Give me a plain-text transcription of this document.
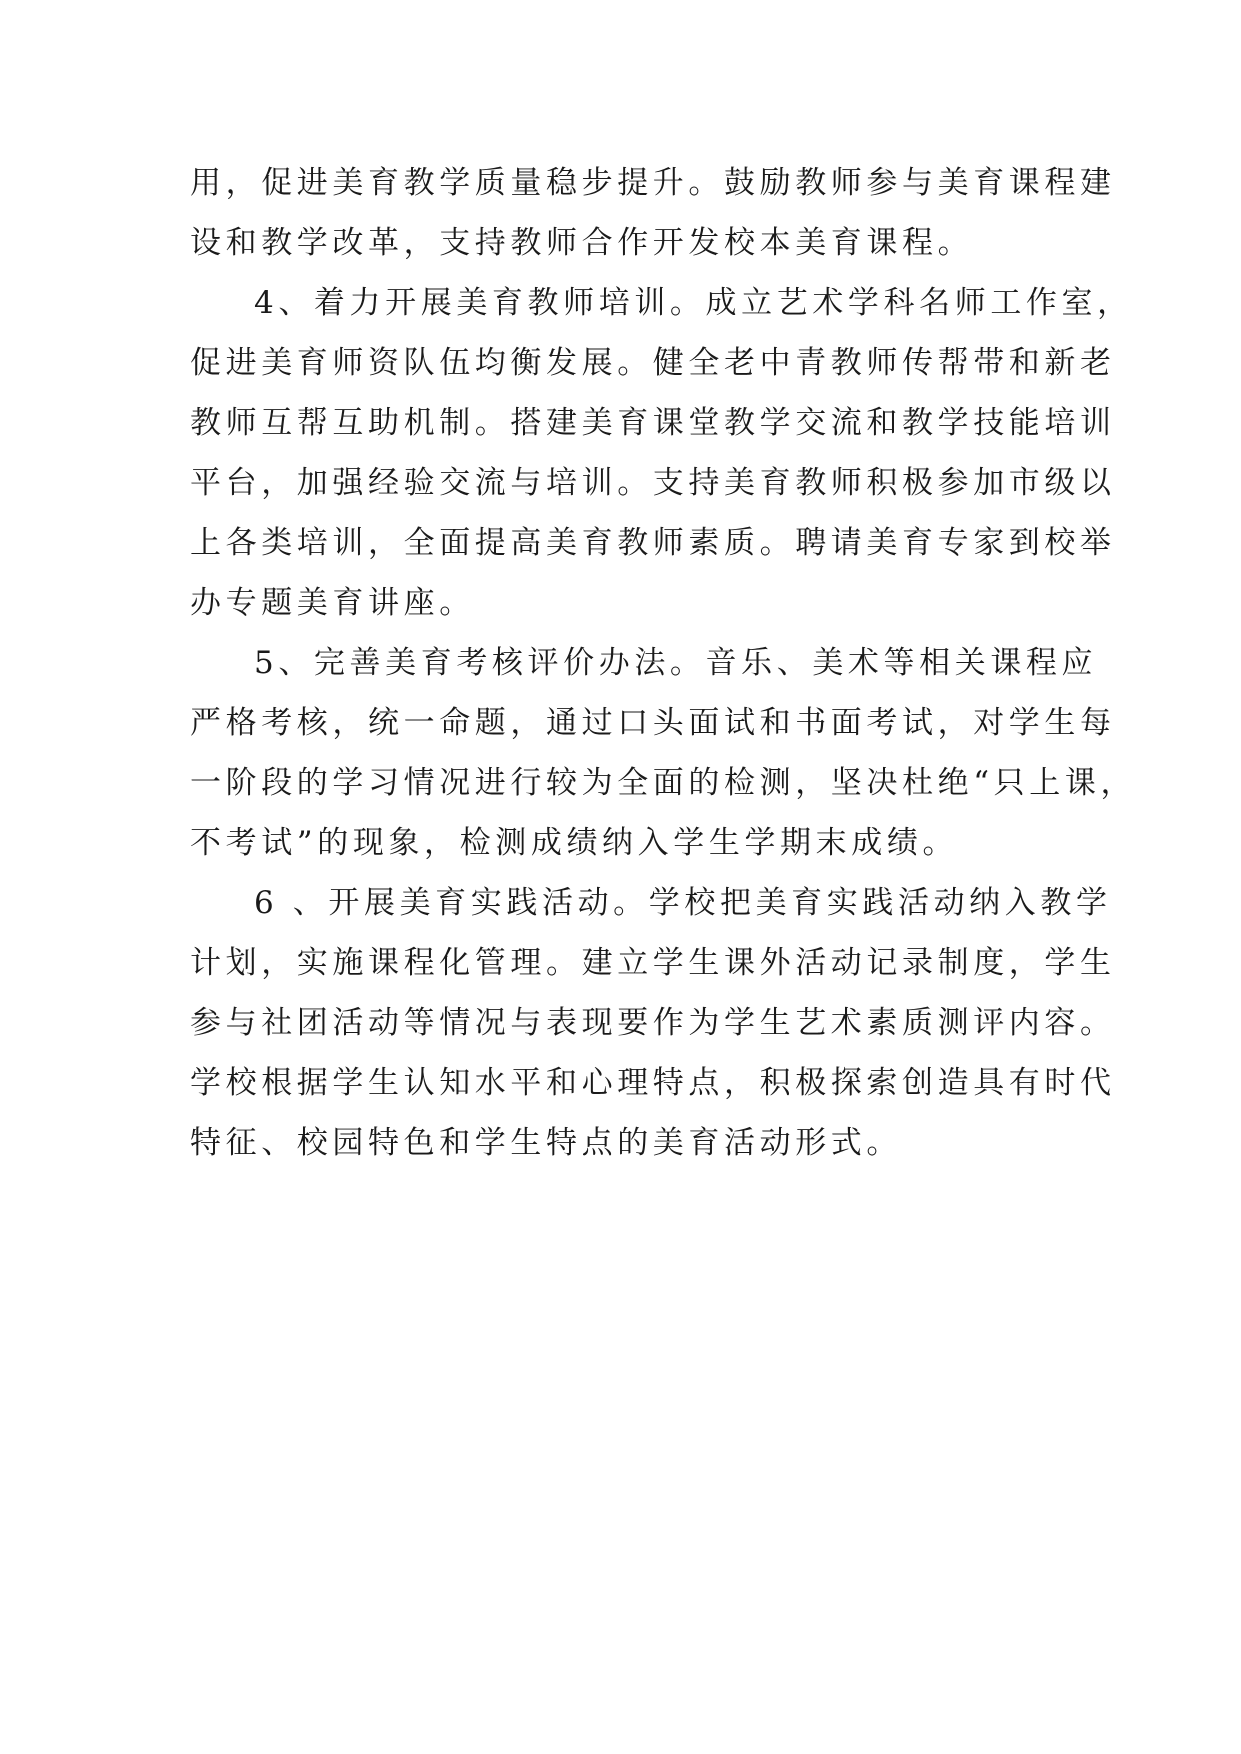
用，促进美育教学质量稳步提升。鼓励教师参与美育课程建
设和教学改革，支持教师合作开发校本美育课程。
4、着力开展美育教师培训。成立艺术学科名师工作室，
促进美育师资队伍均衡发展。健全老中青教师传帮带和新老
教师互帮互助机制。搭建美育课堂教学交流和教学技能培训
平台，加强经验交流与培训。支持美育教师积极参加市级以
上各类培训，全面提高美育教师素质。聘请美育专家到校举
办专题美育讲座。
5、完善美育考核评价办法。音乐、美术等相关课程应
严格考核，统一命题，通过口头面试和书面考试，对学生每
一阶段的学习情况进行较为全面的检测，坚决杜绝“只上课，
不考试”的现象，检测成绩纳入学生学期末成绩。
6 、开展美育实践活动。学校把美育实践活动纳入教学
计划，实施课程化管理。建立学生课外活动记录制度，学生
参与社团活动等情况与表现要作为学生艺术素质测评内容。
学校根据学生认知水平和心理特点，积极探索创造具有时代
特征、校园特色和学生特点的美育活动形式。
